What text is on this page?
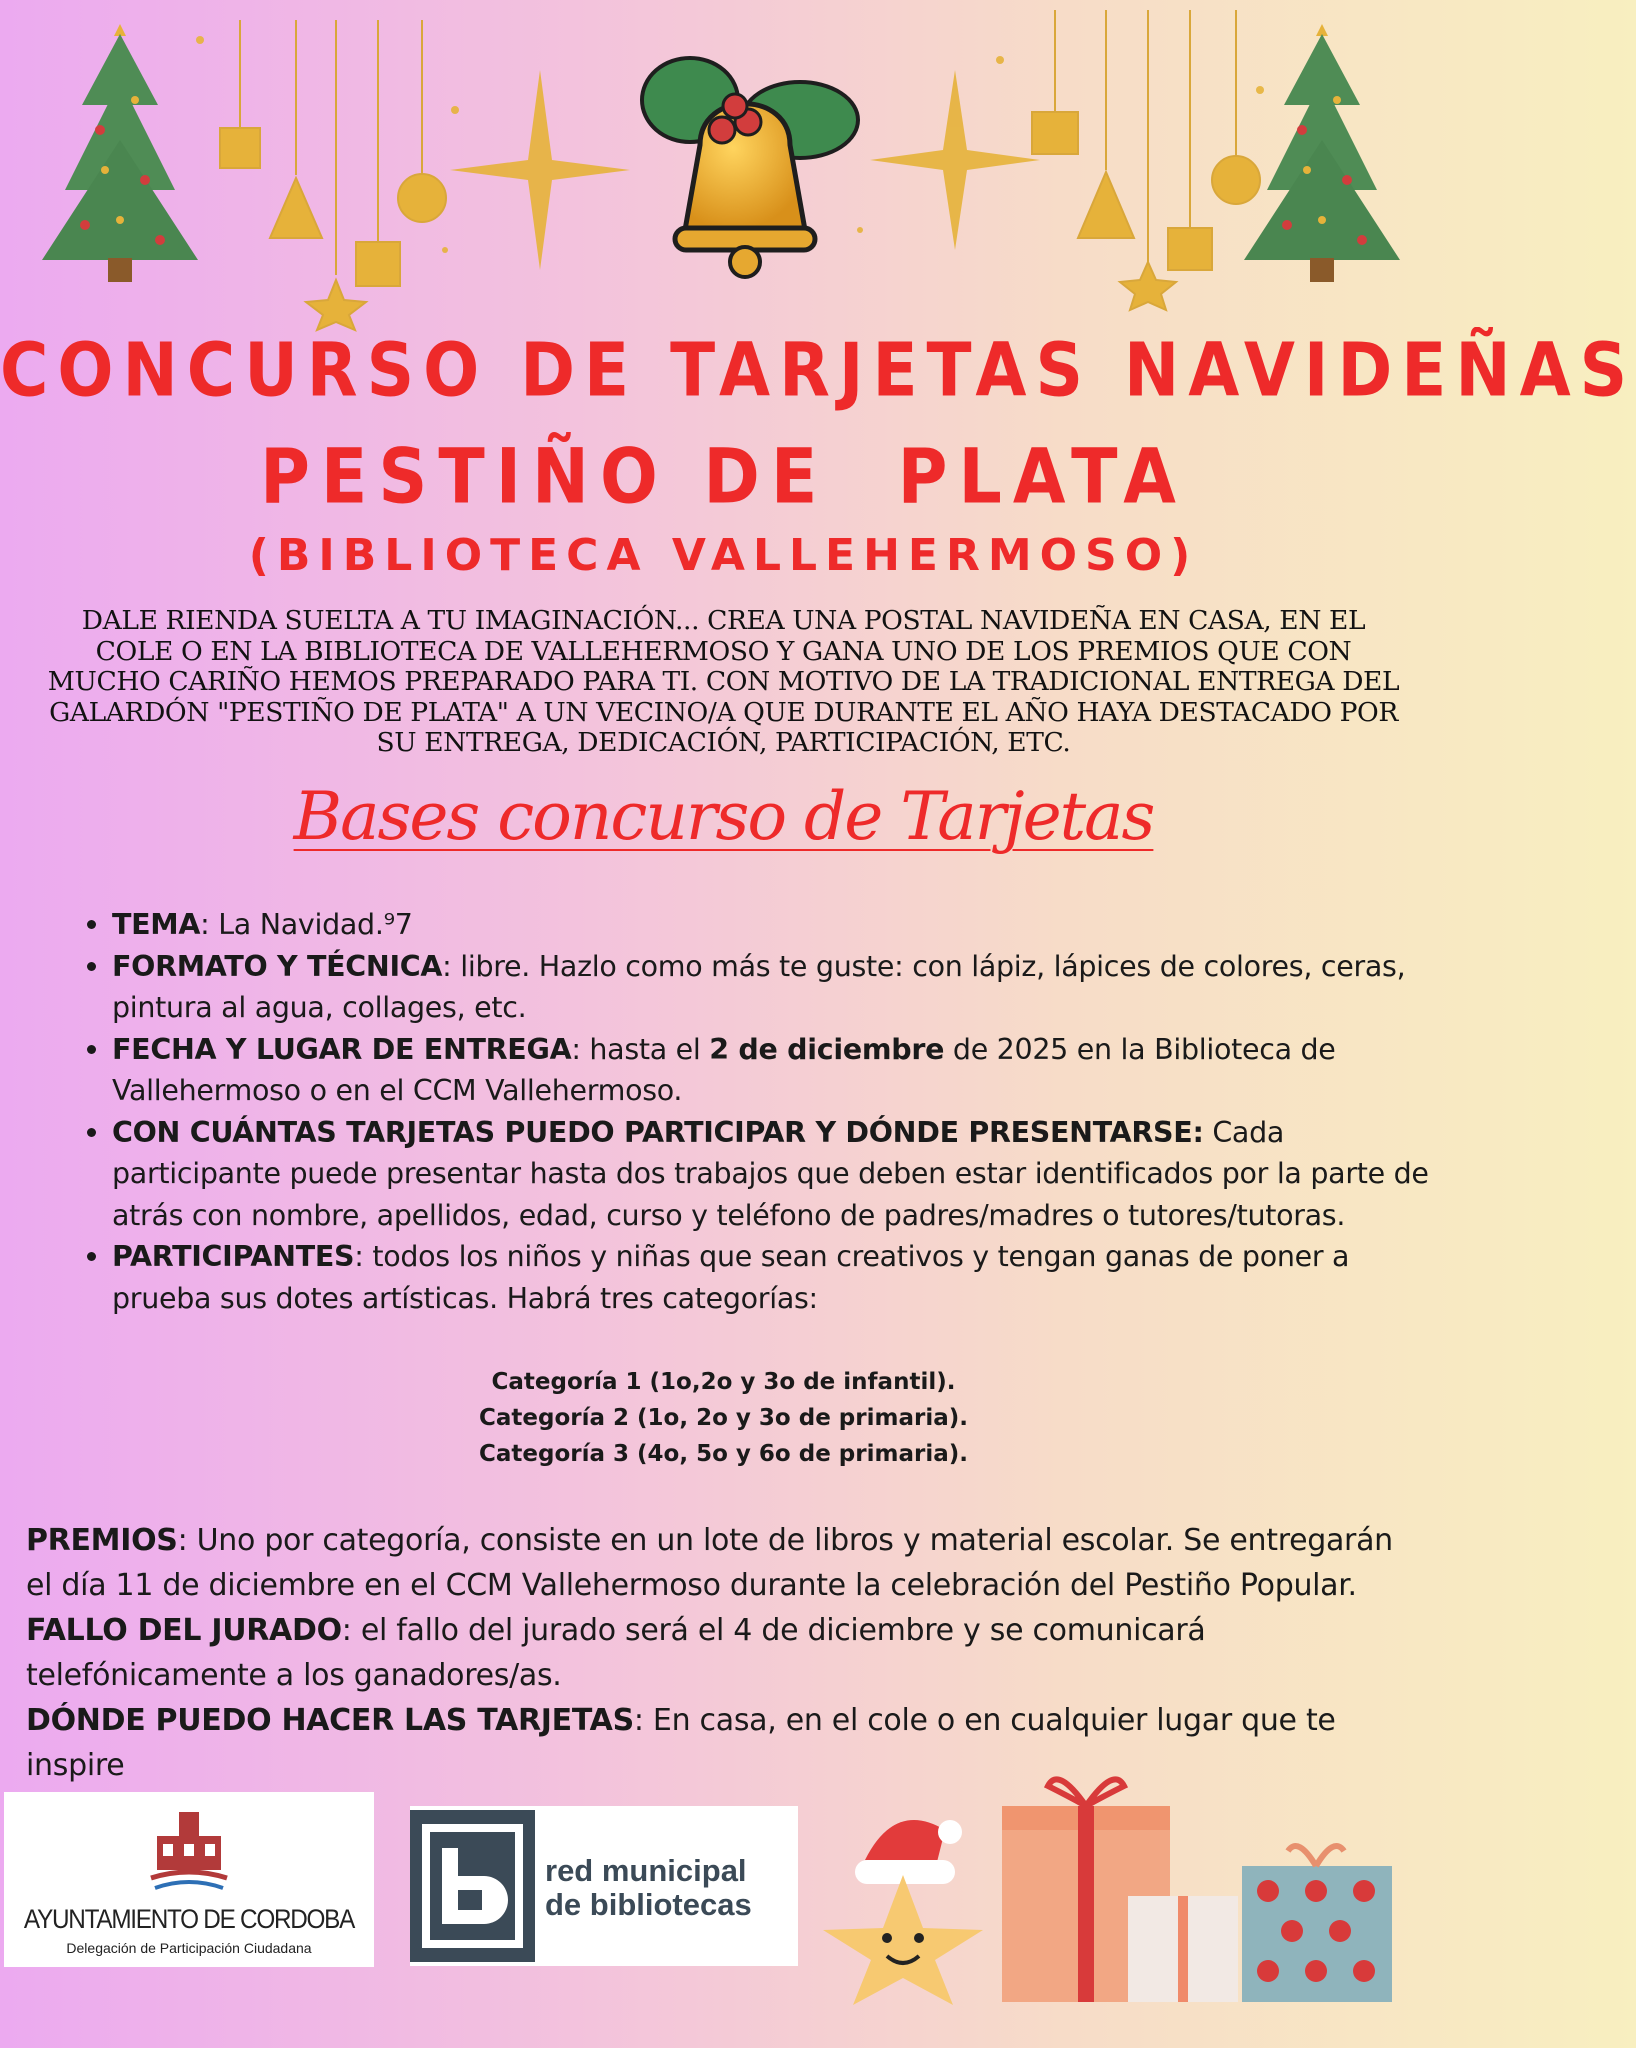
CONCURSO DE TARJETAS NAVIDEÑAS
PESTIÑO DE  PLATA
(BIBLIOTECA VALLEHERMOSO)
DALE RIENDA SUELTA A TU IMAGINACIÓN... CREA UNA POSTAL NAVIDEÑA EN CASA, EN EL COLE O EN LA BIBLIOTECA DE VALLEHERMOSO Y GANA UNO DE LOS PREMIOS QUE CON MUCHO CARIÑO HEMOS PREPARADO PARA TI. CON MOTIVO DE LA TRADICIONAL ENTREGA DEL GALARDÓN "PESTIÑO DE PLATA" A UN VECINO/A QUE DURANTE EL AÑO HAYA DESTACADO POR SU ENTREGA, DEDICACIÓN, PARTICIPACIÓN, ETC.
Bases concurso de Tarjetas
• TEMA: La Navidad.⁹7
• FORMATO Y TÉCNICA: libre. Hazlo como más te guste: con lápiz, lápices de colores, ceras, pintura al agua, collages, etc.
• FECHA Y LUGAR DE ENTREGA: hasta el 2 de diciembre de 2025 en la Biblioteca de Vallehermoso o en el CCM Vallehermoso.
• CON CUÁNTAS TARJETAS PUEDO PARTICIPAR Y DÓNDE PRESENTARSE: Cada participante puede presentar hasta dos trabajos que deben estar identificados por la parte de atrás con nombre, apellidos, edad, curso y teléfono de padres/madres o tutores/tutoras.
• PARTICIPANTES: todos los niños y niñas que sean creativos y tengan ganas de poner a prueba sus dotes artísticas. Habrá tres categorías:
Categoría 1 (1o,2o y 3o de infantil).
Categoría 2 (1o, 2o y 3o de primaria).
Categoría 3 (4o, 5o y 6o de primaria).

PREMIOS: Uno por categoría, consiste en un lote de libros y material escolar. Se entregarán el día 11 de diciembre en el CCM Vallehermoso durante la celebración del Pestiño Popular.

FALLO DEL JURADO: el fallo del jurado será el 4 de diciembre y se comunicará telefónicamente a los ganadores/as.

DÓNDE PUEDO HACER LAS TARJETAS: En casa, en el cole o en cualquier lugar que te inspire

AYUNTAMIENTO DE CORDOBA
Delegación de Participación Ciudadana
red municipal
de bibliotecas
